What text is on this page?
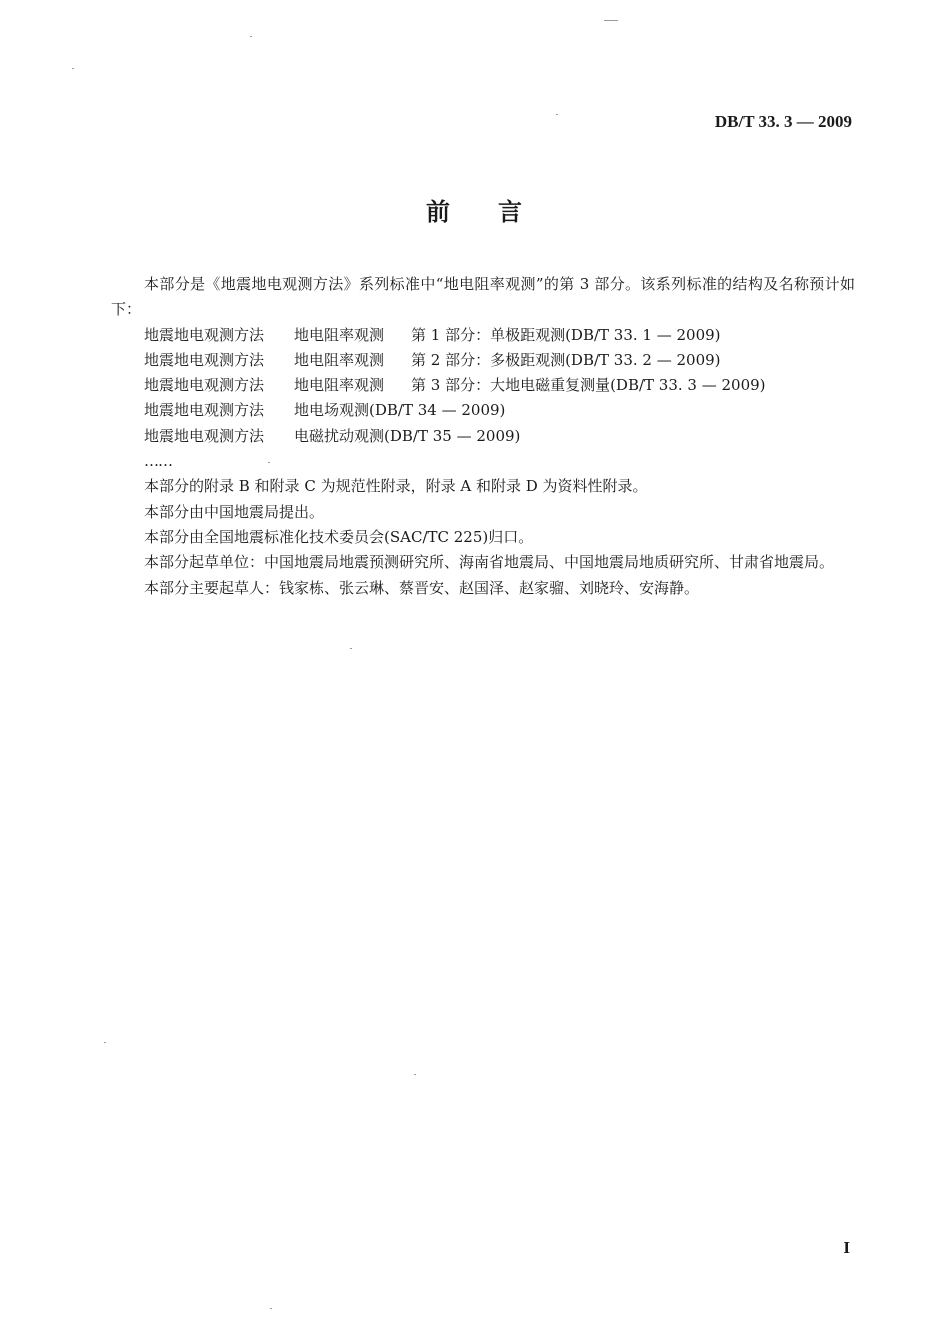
DB/T 33. 3 — 2009
前 言

本部分是《地震地电观测方法》系列标准中“地电阻率观测”的第 3 部分。该系列标准的结构及名称预计如下：

地震地电观测方法 地电阻率观测 第 1 部分：单极距观测(DB/T 33. 1 — 2009)

地震地电观测方法 地电阻率观测 第 2 部分：多极距观测(DB/T 33. 2 — 2009)

地震地电观测方法 地电阻率观测 第 3 部分：大地电磁重复测量(DB/T 33. 3 — 2009)

地震地电观测方法 地电场观测(DB/T 34 — 2009)

地震地电观测方法 电磁扰动观测(DB/T 35 — 2009)

……

本部分的附录 B 和附录 C 为规范性附录，附录 A 和附录 D 为资料性附录。

本部分由中国地震局提出。

本部分由全国地震标准化技术委员会(SAC/TC 225)归口。

本部分起草单位：中国地震局地震预测研究所、海南省地震局、中国地震局地质研究所、甘肃省地震局。

本部分主要起草人：钱家栋、张云琳、蔡晋安、赵国泽、赵家骝、刘晓玲、安海静。

I
